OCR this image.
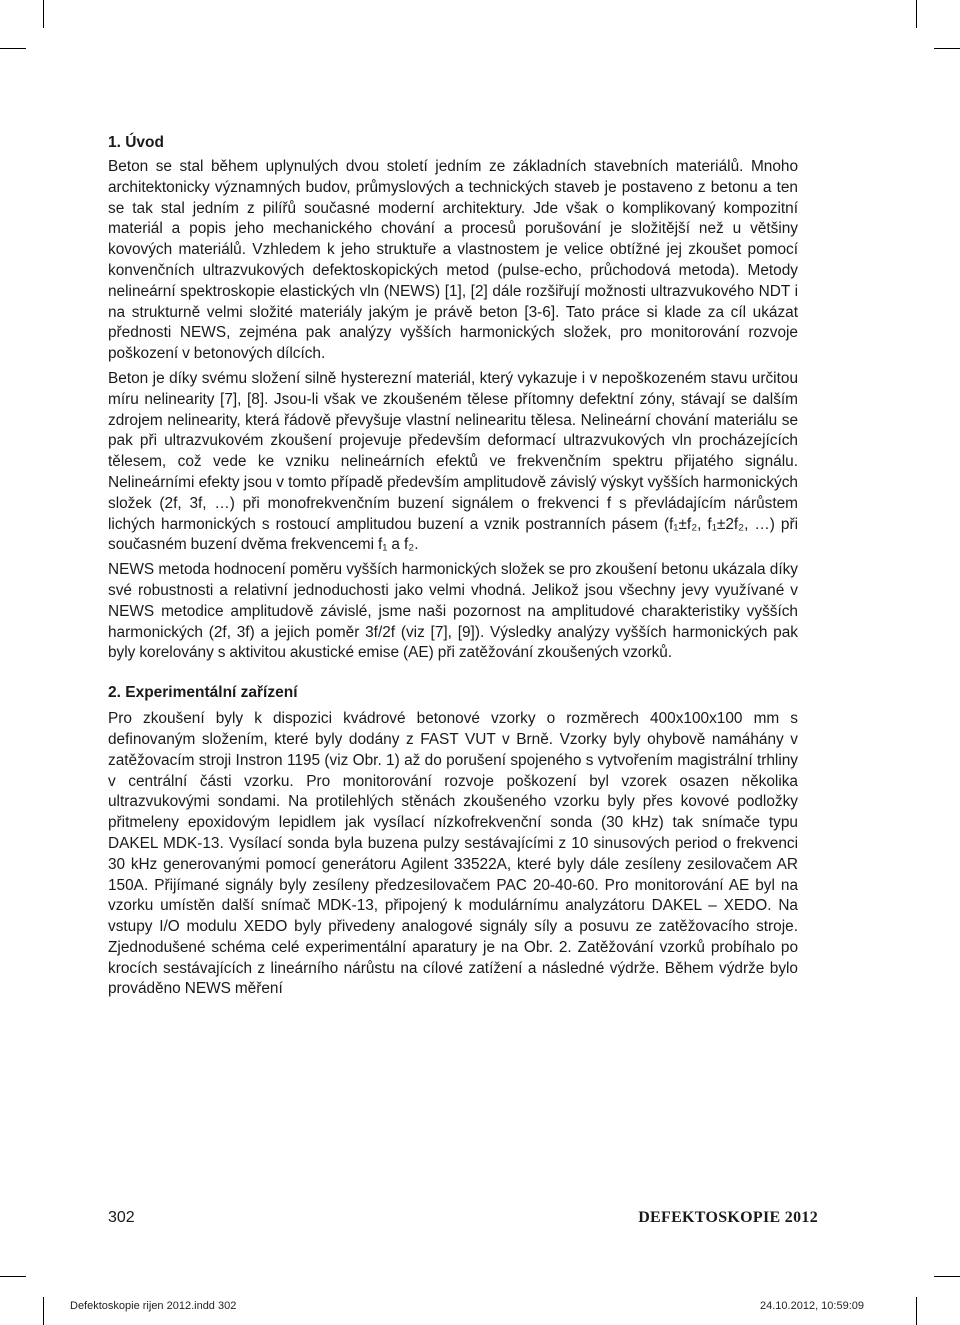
1. Úvod

Beton se stal během uplynulých dvou století jedním ze základních stavebních materiálů. Mnoho architektonicky významných budov, průmyslových a technických staveb je postaveno z betonu a ten se tak stal jedním z pilířů současné moderní architektury. Jde však o komplikovaný kompozitní materiál a popis jeho mechanického chování a procesů porušování je složitější než u většiny kovových materiálů. Vzhledem k jeho struktuře a vlastnostem je velice obtížné jej zkoušet pomocí konvenčních ultrazvukových defektoskopických metod (pulse-echo, průchodová metoda). Metody nelineární spektroskopie elastických vln (NEWS) [1], [2] dále rozšiřují možnosti ultrazvukového NDT i na strukturně velmi složité materiály jakým je právě beton [3-6]. Tato práce si klade za cíl ukázat přednosti NEWS, zejména pak analýzy vyšších harmonických složek, pro monitorování rozvoje poškození v betonových dílcích.

Beton je díky svému složení silně hysterezní materiál, který vykazuje i v nepoškozeném stavu určitou míru nelinearity [7], [8]. Jsou-li však ve zkoušeném tělese přítomny defektní zóny, stávají se dalším zdrojem nelinearity, která řádově převyšuje vlastní nelinearitu tělesa. Nelineární chování materiálu se pak při ultrazvukovém zkoušení projevuje především deformací ultrazvukových vln procházejících tělesem, což vede ke vzniku nelineárních efektů ve frekvenčním spektru přijatého signálu. Nelineárními efekty jsou v tomto případě především amplitudově závislý výskyt vyšších harmonických složek (2f, 3f, …) při monofrekvenčním buzení signálem o frekvenci f s převládajícím nárůstem lichých harmonických s rostoucí amplitudou buzení a vznik postranních pásem (f₁±f₂, f₁±2f₂, …) při současném buzení dvěma frekvencemi f₁ a f₂.

NEWS metoda hodnocení poměru vyšších harmonických složek se pro zkoušení betonu ukázala díky své robustnosti a relativní jednoduchosti jako velmi vhodná. Jelikož jsou všechny jevy využívané v NEWS metodice amplitudově závislé, jsme naši pozornost na amplitudové charakteristiky vyšších harmonických (2f, 3f) a jejich poměr 3f/2f (viz [7], [9]). Výsledky analýzy vyšších harmonických pak byly korelovány s aktivitou akustické emise (AE) při zatěžování zkoušených vzorků.

2. Experimentální zařízení

Pro zkoušení byly k dispozici kvádrové betonové vzorky o rozměrech 400x100x100 mm s definovaným složením, které byly dodány z FAST VUT v Brně. Vzorky byly ohybově namáhány v zatěžovacím stroji Instron 1195 (viz Obr. 1) až do porušení spojeného s vytvořením magistrální trhliny v centrální části vzorku. Pro monitorování rozvoje poškození byl vzorek osazen několika ultrazvukovými sondami. Na protilehlých stěnách zkoušeného vzorku byly přes kovové podložky přitmeleny epoxidovým lepidlem jak vysílací nízkofrekvenční sonda (30 kHz) tak snímače typu DAKEL MDK-13. Vysílací sonda byla buzena pulzy sestávajícími z 10 sinusových period o frekvenci 30 kHz generovanými pomocí generátoru Agilent 33522A, které byly dále zesíleny zesilovačem AR 150A. Přijímané signály byly zesíleny předzesilovačem PAC 20-40-60. Pro monitorování AE byl na vzorku umístěn další snímač MDK-13, připojený k modulárnímu analyzátoru DAKEL – XEDO. Na vstupy I/O modulu XEDO byly přivedeny analogové signály síly a posuvu ze zatěžovacího stroje. Zjednodušené schéma celé experimentální aparatury je na Obr. 2. Zatěžování vzorků probíhalo po krocích sestávajících z lineárního nárůstu na cílové zatížení a následné výdrže. Během výdrže bylo prováděno NEWS měření

302	DEFEKTOSKOPIE 2012
Defektoskopie rijen 2012.indd 302	24.10.2012, 10:59:09
